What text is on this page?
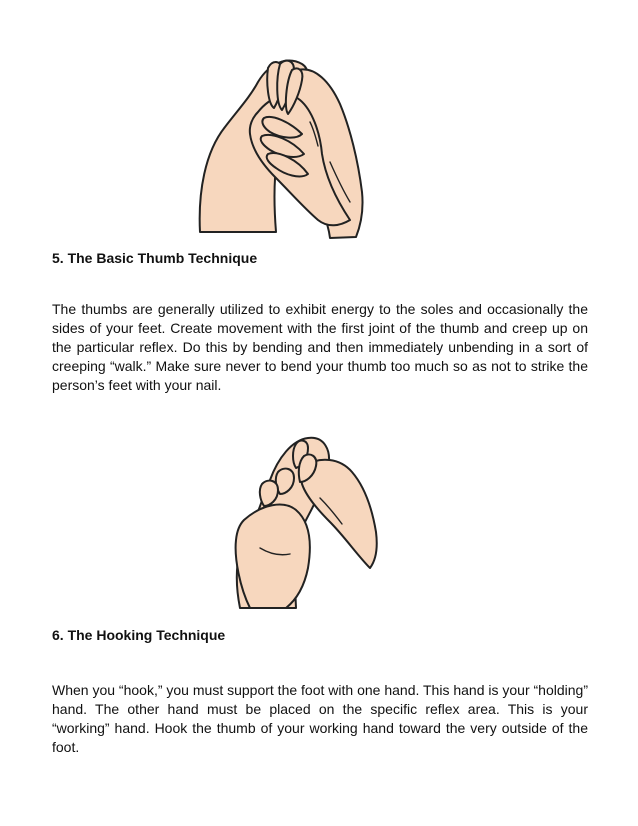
5. The Basic Thumb Technique

The thumbs are generally utilized to exhibit energy to the soles and occasionally the sides of your feet. Create movement with the first joint of the thumb and creep up on the particular reflex. Do this by bending and then immediately unbending in a sort of creeping “walk.” Make sure never to bend your thumb too much so as not to strike the person’s feet with your nail.

6. The Hooking Technique

When you “hook,” you must support the foot with one hand. This hand is your “holding” hand. The other hand must be placed on the specific reflex area. This is your “working” hand. Hook the thumb of your working hand toward the very outside of the foot.
